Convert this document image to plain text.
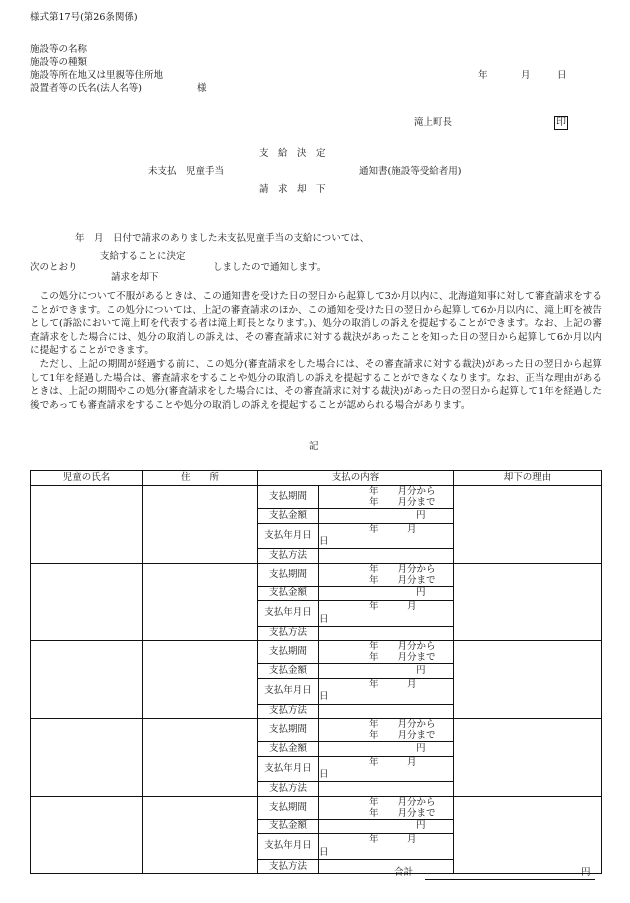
様式第17号(第26条関係)
施設等の名称
施設等の種類
施設等所在地又は里親等住所地
設置者等の氏名(法人名等)	様
年	月	日
滝上町長	印
支　給　決　定
未支払　児童手当	通知書(施設等受給者用)
請　求　却　下
年　月　日付で請求のありました未支払児童手当の支給については、
支給することに決定
次のとおり	しましたので通知します。
請求を却下

この処分について不服があるときは、この通知書を受けた日の翌日から起算して3か月以内に、北海道知事に対して審査請求をすることができます。この処分については、上記の審査請求のほか、この通知を受けた日の翌日から起算して6か月以内に、滝上町を被告として(訴訟において滝上町を代表する者は滝上町長となります。)、処分の取消しの訴えを提起することができます。なお、上記の審査請求をした場合には、処分の取消しの訴えは、その審査請求に対する裁決があったことを知った日の翌日から起算して6か月以内に提起することができます。

ただし、上記の期間が経過する前に、この処分(審査請求をした場合には、その審査請求に対する裁決)があった日の翌日から起算して1年を経過した場合は、審査請求をすることや処分の取消しの訴えを提起することができなくなります。なお、正当な理由があるときは、上記の期間やこの処分(審査請求をした場合には、その審査請求に対する裁決)があった日の翌日から起算して1年を経過した後であっても審査請求をすることや処分の取消しの訴えを提起することが認められる場合があります。

記
児童の氏名	住　　所	支払の内容		却下の理由
		支払期間	年　　月分から
年　　月分まで	

		支払金額	円	
		支払年月日	年　　　月　　　日	
		支払方法		
		支払期間	年　　月分から
年　　月分まで	

		支払金額	円	
		支払年月日	年　　　月　　　日	
		支払方法		
		支払期間	年　　月分から
年　　月分まで	

		支払金額	円	
		支払年月日	年　　　月　　　日	
		支払方法		
		支払期間	年　　月分から
年　　月分まで	

		支払金額	円	
		支払年月日	年　　　月　　　日	
		支払方法		
		支払期間	年　　月分から
年　　月分まで	

		支払金額	円	
		支払年月日	年　　　月　　　日	
		支払方法		
合計	円
